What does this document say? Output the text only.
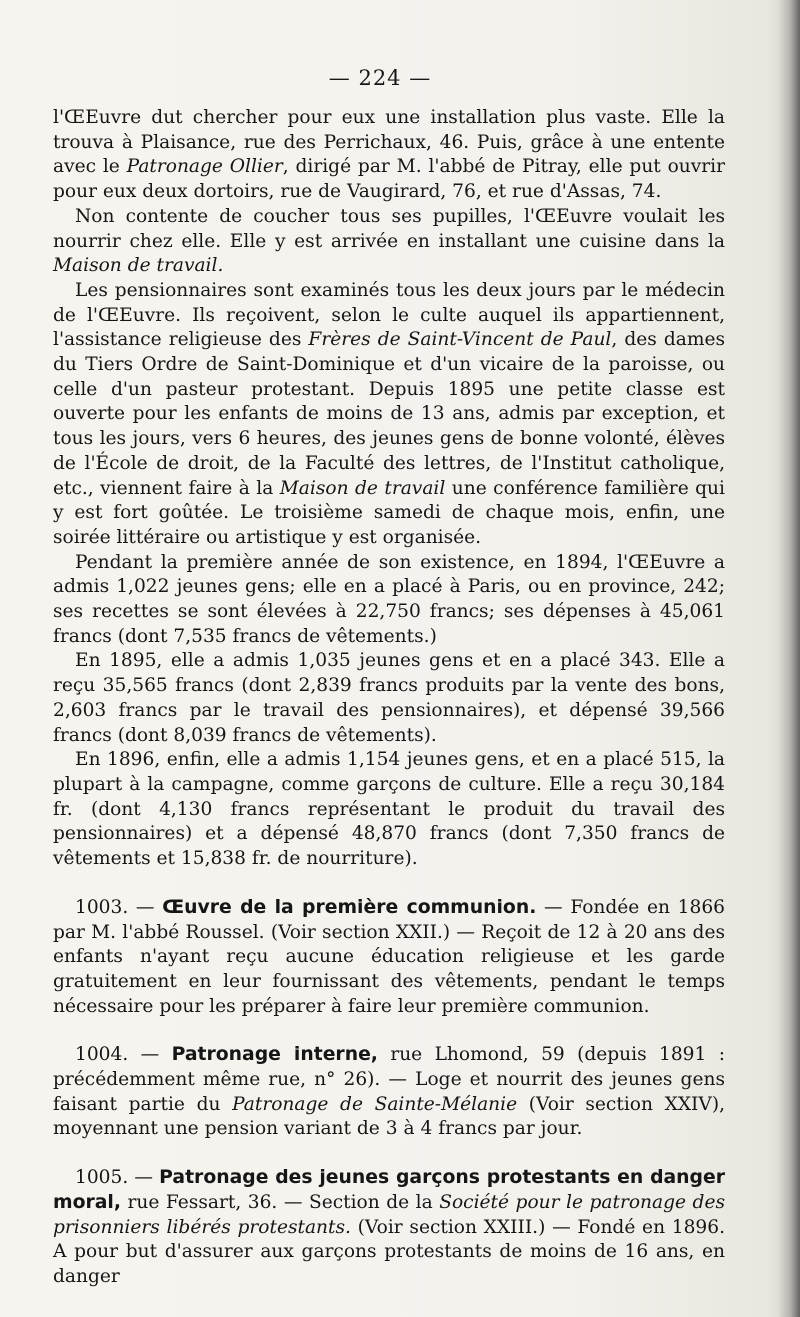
— 224 —

l'ŒEuvre dut chercher pour eux une installation plus vaste. Elle la trouva à Plaisance, rue des Perrichaux, 46. Puis, grâce à une entente avec le Patronage Ollier, dirigé par M. l'abbé de Pitray, elle put ouvrir pour eux deux dortoirs, rue de Vaugirard, 76, et rue d'Assas, 74.

Non contente de coucher tous ses pupilles, l'ŒEuvre voulait les nourrir chez elle. Elle y est arrivée en installant une cuisine dans la Maison de travail.

Les pensionnaires sont examinés tous les deux jours par le médecin de l'ŒEuvre. Ils reçoivent, selon le culte auquel ils appartiennent, l'assistance religieuse des Frères de Saint-Vincent de Paul, des dames du Tiers Ordre de Saint-Dominique et d'un vicaire de la paroisse, ou celle d'un pasteur protestant. Depuis 1895 une petite classe est ouverte pour les enfants de moins de 13 ans, admis par exception, et tous les jours, vers 6 heures, des jeunes gens de bonne volonté, élèves de l'École de droit, de la Faculté des lettres, de l'Institut catholique, etc., viennent faire à la Maison de travail une conférence familière qui y est fort goûtée. Le troisième samedi de chaque mois, enfin, une soirée littéraire ou artistique y est organisée.

Pendant la première année de son existence, en 1894, l'ŒEuvre a admis 1,022 jeunes gens; elle en a placé à Paris, ou en province, 242; ses recettes se sont élevées à 22,750 francs; ses dépenses à 45,061 francs (dont 7,535 francs de vêtements.)

En 1895, elle a admis 1,035 jeunes gens et en a placé 343. Elle a reçu 35,565 francs (dont 2,839 francs produits par la vente des bons, 2,603 francs par le travail des pensionnaires), et dépensé 39,566 francs (dont 8,039 francs de vêtements).

En 1896, enfin, elle a admis 1,154 jeunes gens, et en a placé 515, la plupart à la campagne, comme garçons de culture. Elle a reçu 30,184 fr. (dont 4,130 francs représentant le produit du travail des pensionnaires) et a dépensé 48,870 francs (dont 7,350 francs de vêtements et 15,838 fr. de nourriture).

1003. — Œuvre de la première communion. — Fondée en 1866 par M. l'abbé Roussel. (Voir section XXII.) — Reçoit de 12 à 20 ans des enfants n'ayant reçu aucune éducation religieuse et les garde gratuitement en leur fournissant des vêtements, pendant le temps nécessaire pour les préparer à faire leur première communion.

1004. — Patronage interne, rue Lhomond, 59 (depuis 1891 : précédemment même rue, n° 26). — Loge et nourrit des jeunes gens faisant partie du Patronage de Sainte-Mélanie (Voir section XXIV), moyennant une pension variant de 3 à 4 francs par jour.

1005. — Patronage des jeunes garçons protestants en danger moral, rue Fessart, 36. — Section de la Société pour le patronage des prisonniers libérés protestants. (Voir section XXIII.) — Fondé en 1896. A pour but d'assurer aux garçons protestants de moins de 16 ans, en danger
